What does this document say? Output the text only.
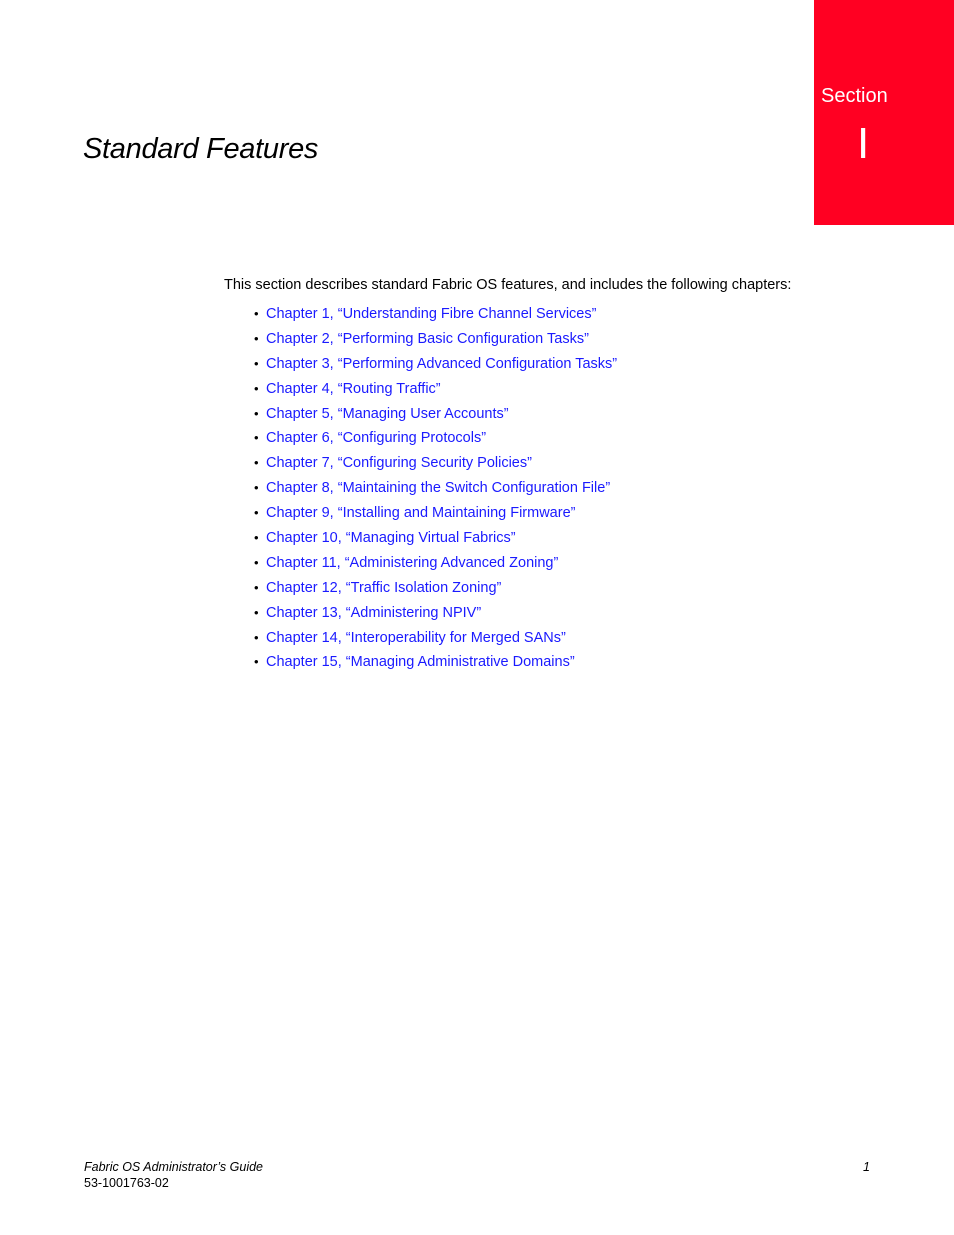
Section
I
Standard Features

This section describes standard Fabric OS features, and includes the following chapters:

• Chapter 1, “Understanding Fibre Channel Services”
• Chapter 2, “Performing Basic Configuration Tasks”
• Chapter 3, “Performing Advanced Configuration Tasks”
• Chapter 4, “Routing Traffic”
• Chapter 5, “Managing User Accounts”
• Chapter 6, “Configuring Protocols”
• Chapter 7, “Configuring Security Policies”
• Chapter 8, “Maintaining the Switch Configuration File”
• Chapter 9, “Installing and Maintaining Firmware”
• Chapter 10, “Managing Virtual Fabrics”
• Chapter 11, “Administering Advanced Zoning”
• Chapter 12, “Traffic Isolation Zoning”
• Chapter 13, “Administering NPIV”
• Chapter 14, “Interoperability for Merged SANs”
• Chapter 15, “Managing Administrative Domains”
Fabric OS Administrator’s Guide
53-1001763-02
1
